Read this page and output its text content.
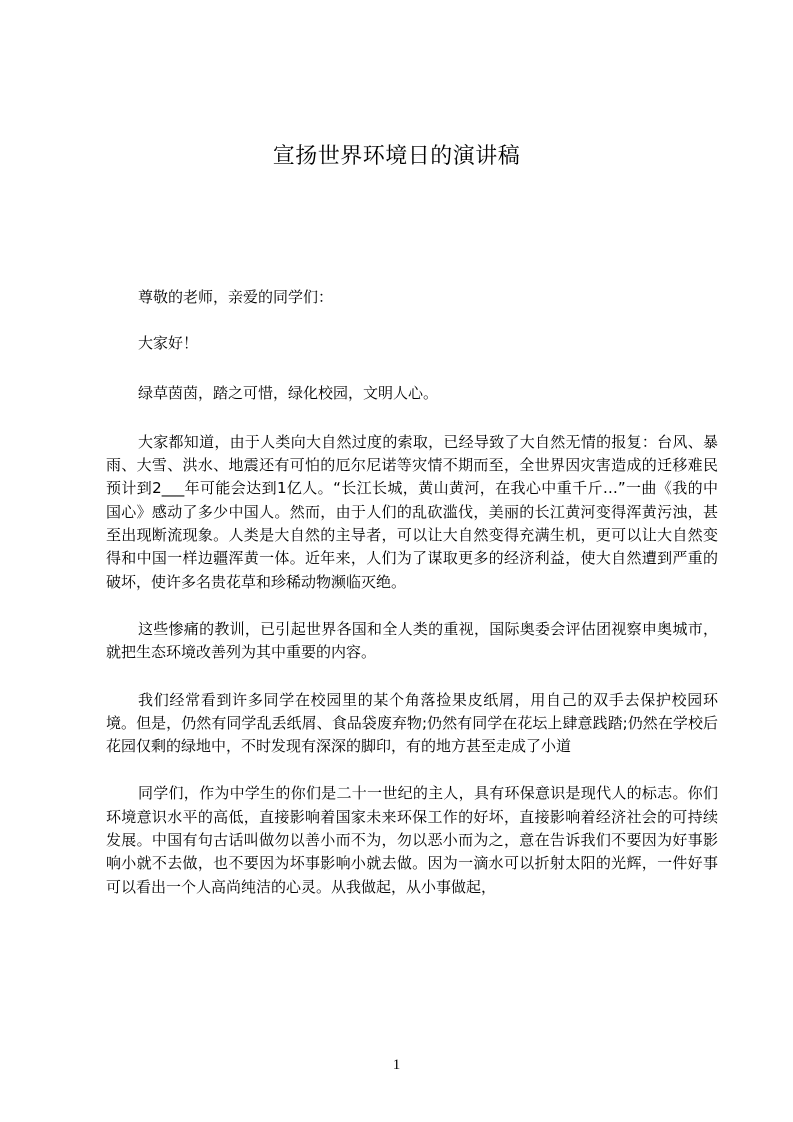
宣扬世界环境日的演讲稿

尊敬的老师，亲爱的同学们：

大家好！

绿草茵茵，踏之可惜，绿化校园，文明人心。

大家都知道，由于人类向大自然过度的索取，已经导致了大自然无情的报复：台风、暴雨、大雪、洪水、地震还有可怕的厄尔尼诺等灾情不期而至，全世界因灾害造成的迁移难民预计到2___年可能会达到1亿人。“长江长城，黄山黄河，在我心中重千斤…”一曲《我的中国心》感动了多少中国人。然而，由于人们的乱砍滥伐，美丽的长江黄河变得浑黄污浊，甚至出现断流现象。人类是大自然的主导者，可以让大自然变得充满生机，更可以让大自然变得和中国一样边疆浑黄一体。近年来，人们为了谋取更多的经济利益，使大自然遭到严重的破坏，使许多名贵花草和珍稀动物濒临灭绝。

这些惨痛的教训，已引起世界各国和全人类的重视，国际奥委会评估团视察申奥城市，就把生态环境改善列为其中重要的内容。

我们经常看到许多同学在校园里的某个角落捡果皮纸屑，用自己的双手去保护校园环境。但是，仍然有同学乱丢纸屑、食品袋废弃物;仍然有同学在花坛上肆意践踏;仍然在学校后花园仅剩的绿地中，不时发现有深深的脚印，有的地方甚至走成了小道

同学们，作为中学生的你们是二十一世纪的主人，具有环保意识是现代人的标志。你们环境意识水平的高低，直接影响着国家未来环保工作的好坏，直接影响着经济社会的可持续发展。中国有句古话叫做勿以善小而不为，勿以恶小而为之，意在告诉我们不要因为好事影响小就不去做，也不要因为坏事影响小就去做。因为一滴水可以折射太阳的光辉，一件好事可以看出一个人高尚纯洁的心灵。从我做起，从小事做起，

1
